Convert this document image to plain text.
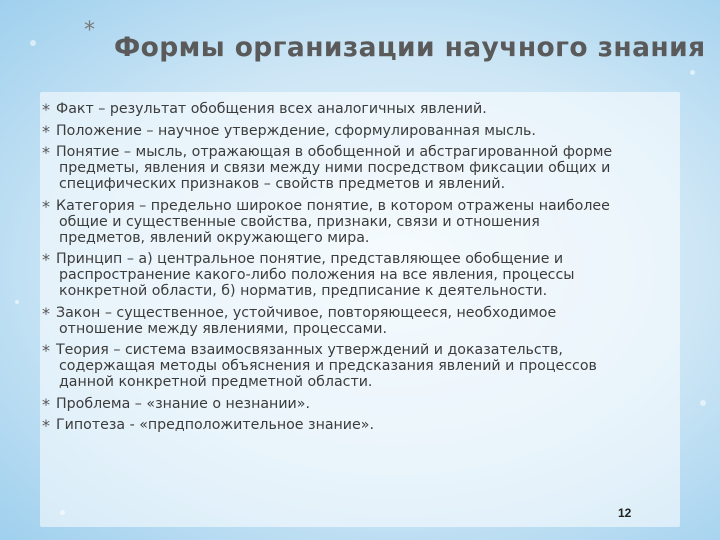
*
Формы организации научного знания
* Факт – результат обобщения всех аналогичных явлений.
* Положение – научное утверждение, сформулированная мысль.
* Понятие – мысль, отражающая в обобщенной и абстрагированной форме
предметы, явления и связи между ними посредством фиксации общих и
специфических признаков – свойств предметов и явлений.
* Категория – предельно широкое понятие, в котором отражены наиболее
общие и существенные свойства, признаки, связи и отношения
предметов, явлений окружающего мира.
* Принцип – а) центральное понятие, представляющее обобщение и
распространение какого-либо положения на все явления, процессы
конкретной области, б) норматив, предписание к деятельности.
* Закон – существенное, устойчивое, повторяющееся, необходимое
отношение между явлениями, процессами.
* Теория – система взаимосвязанных утверждений и доказательств,
содержащая методы объяснения и предсказания явлений и процессов
данной конкретной предметной области.
* Проблема – «знание о незнании».
* Гипотеза - «предположительное знание».
12
